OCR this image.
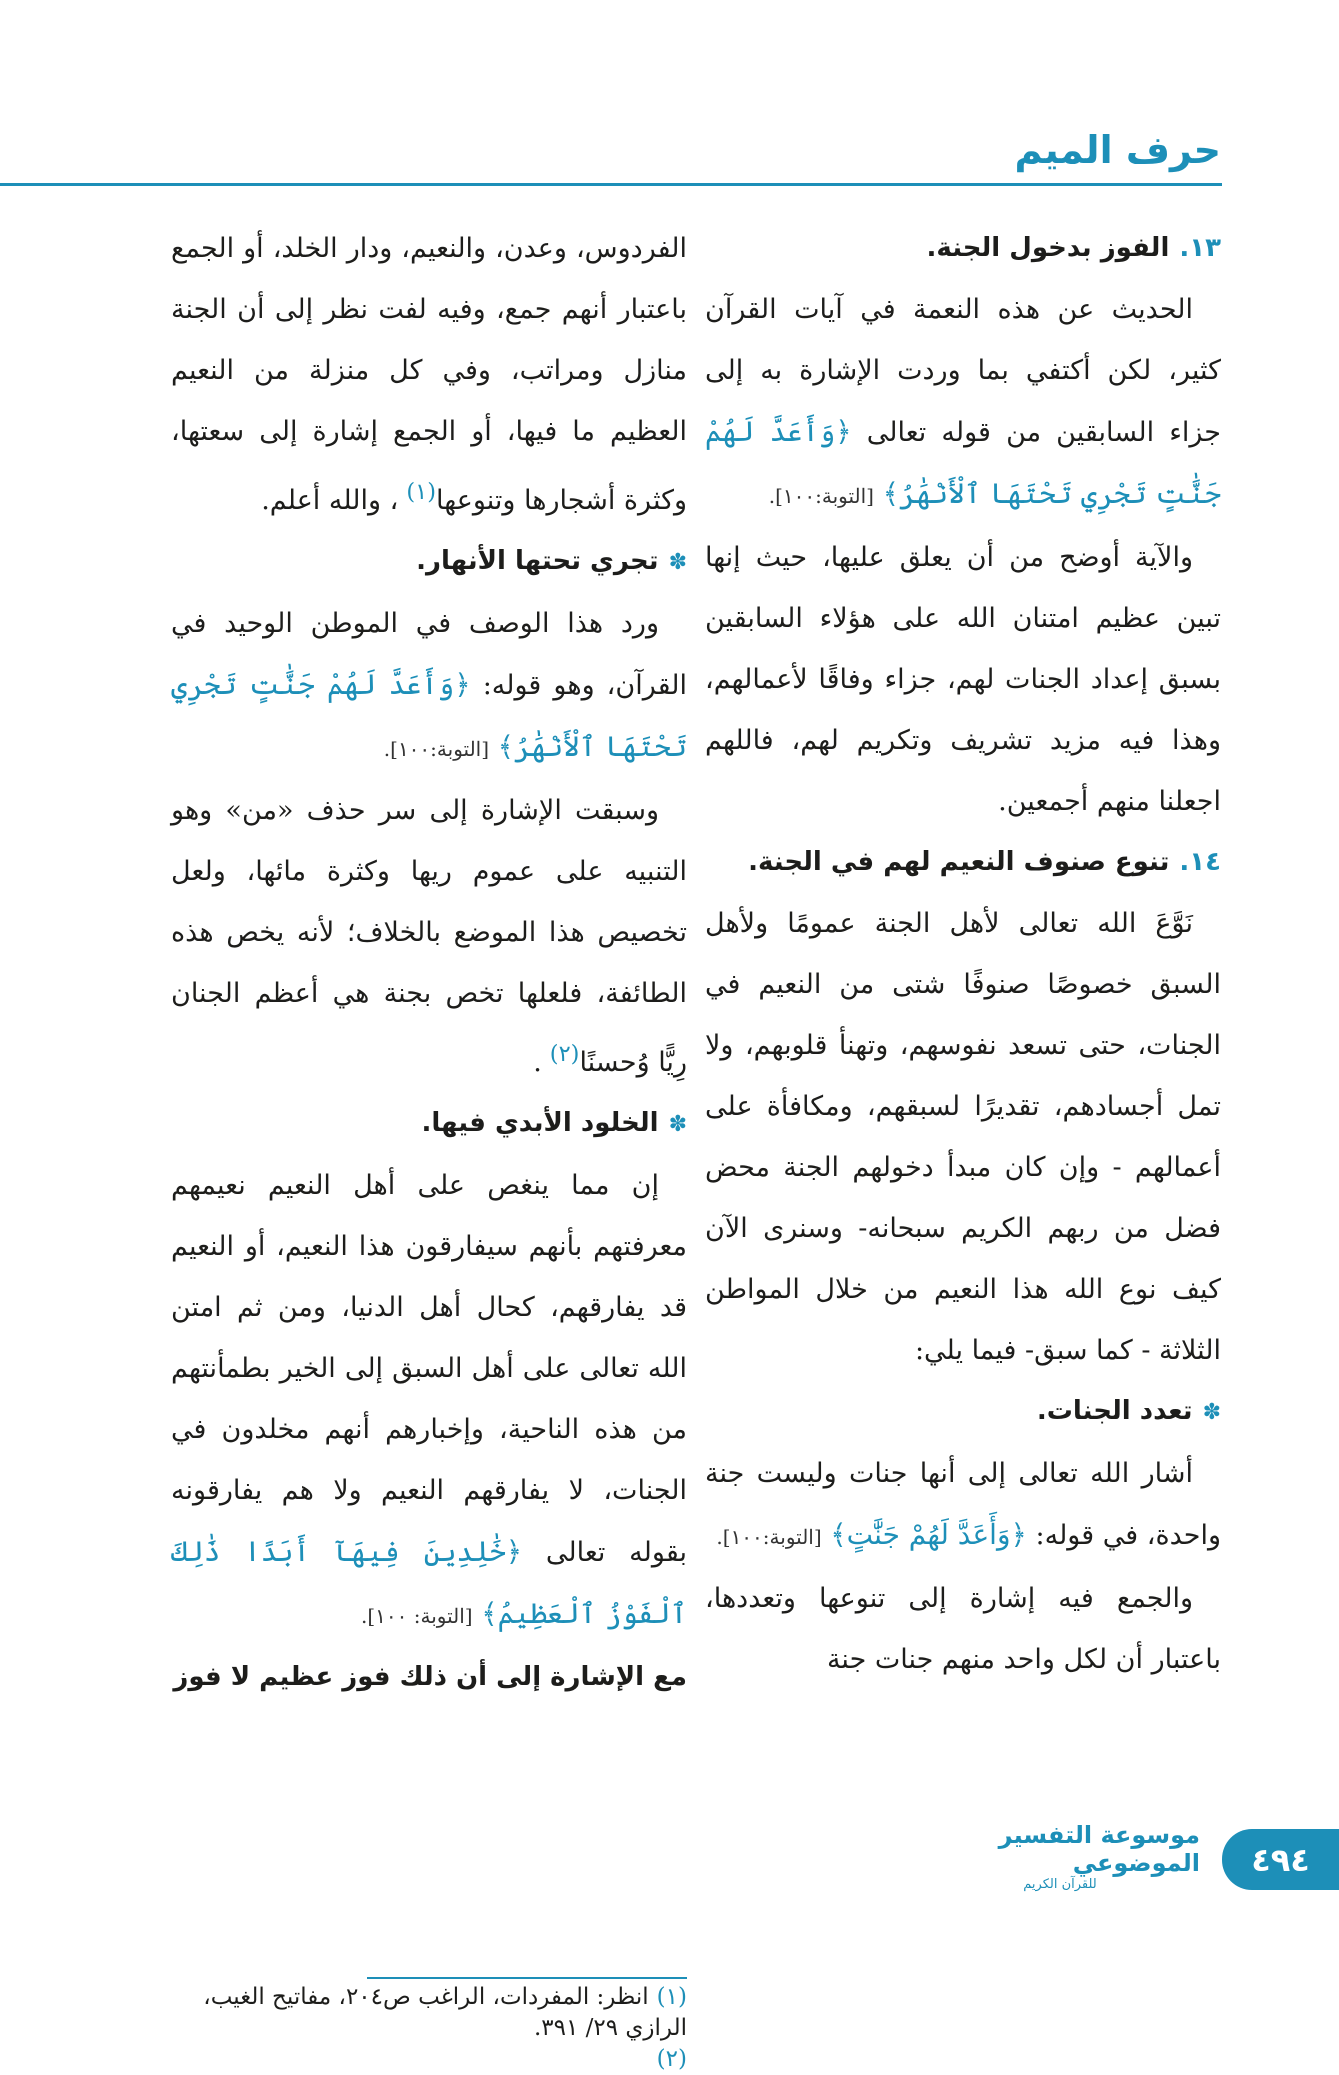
حرف الميم

١٣.الفوز بدخول الجنة.

الحديث عن هذه النعمة في آيات القرآن كثير، لكن أكتفي بما وردت الإشارة به إلى جزاء السابقين من قوله تعالى ﴿وَأَعَدَّ لَهُمْ جَنَّٰتٍ تَجْرِي تَحْتَهَا ٱلْأَنْهَٰرُ﴾ [التوبة:١٠٠].

والآية أوضح من أن يعلق عليها، حيث إنها تبين عظيم امتنان الله على هؤلاء السابقين بسبق إعداد الجنات لهم، جزاء وفاقًا لأعمالهم، وهذا فيه مزيد تشريف وتكريم لهم، فاللهم اجعلنا منهم أجمعين.

١٤.تنوع صنوف النعيم لهم في الجنة.

نَوَّعَ الله تعالى لأهل الجنة عمومًا ولأهل السبق خصوصًا صنوفًا شتى من النعيم في الجنات، حتى تسعد نفوسهم، وتهنأ قلوبهم، ولا تمل أجسادهم، تقديرًا لسبقهم، ومكافأة على أعمالهم - وإن كان مبدأ دخولهم الجنة محض فضل من ربهم الكريم سبحانه- وسنرى الآن كيف نوع الله هذا النعيم من خلال المواطن الثلاثة - كما سبق- فيما يلي:

✽تعدد الجنات.

أشار الله تعالى إلى أنها جنات وليست جنة واحدة، في قوله: ﴿وَأَعَدَّ لَهُمْ جَنَّٰتٍ﴾ [التوبة:١٠٠].

والجمع فيه إشارة إلى تنوعها وتعددها، باعتبار أن لكل واحد منهم جنات جنة

الفردوس، وعدن، والنعيم، ودار الخلد، أو الجمع باعتبار أنهم جمع، وفيه لفت نظر إلى أن الجنة منازل ومراتب، وفي كل منزلة من النعيم العظيم ما فيها، أو الجمع إشارة إلى سعتها، وكثرة أشجارها وتنوعها$^{(١)}$، والله أعلم.

✽تجري تحتها الأنهار.

ورد هذا الوصف في الموطن الوحيد في القرآن، وهو قوله: ﴿وَأَعَدَّ لَهُمْ جَنَّٰتٍ تَجْرِي تَحْتَهَا ٱلْأَنْهَٰرُ﴾ [التوبة:١٠٠].

وسبقت الإشارة إلى سر حذف «من» وهو التنبيه على عموم ريها وكثرة مائها، ولعل تخصيص هذا الموضع بالخلاف؛ لأنه يخص هذه الطائفة، فلعلها تخص بجنة هي أعظم الجنان رِيًّا وُحسنًا$^{(٢)}$.

✽الخلود الأبدي فيها.

إن مما ينغص على أهل النعيم نعيمهم معرفتهم بأنهم سيفارقون هذا النعيم، أو النعيم قد يفارقهم، كحال أهل الدنيا، ومن ثم امتن الله تعالى على أهل السبق إلى الخير بطمأنتهم من هذه الناحية، وإخبارهم أنهم مخلدون في الجنات، لا يفارقهم النعيم ولا هم يفارقونه بقوله تعالى ﴿خَٰلِدِينَ فِيهَآ أَبَدًا ذَٰلِكَ ٱلْفَوْزُ ٱلْعَظِيمُ﴾ [التوبة: ١٠٠].

مع الإشارة إلى أن ذلك فوز عظيم لا فوز

(١)انظر: المفردات، الراغب ص٢٠٤، مفاتيح الغيب، الرازي ٢٩/ ٣٩١.
(٢)
موسوعة التفسير الموضوعي
للقرآن الكريم
٤٩٤
